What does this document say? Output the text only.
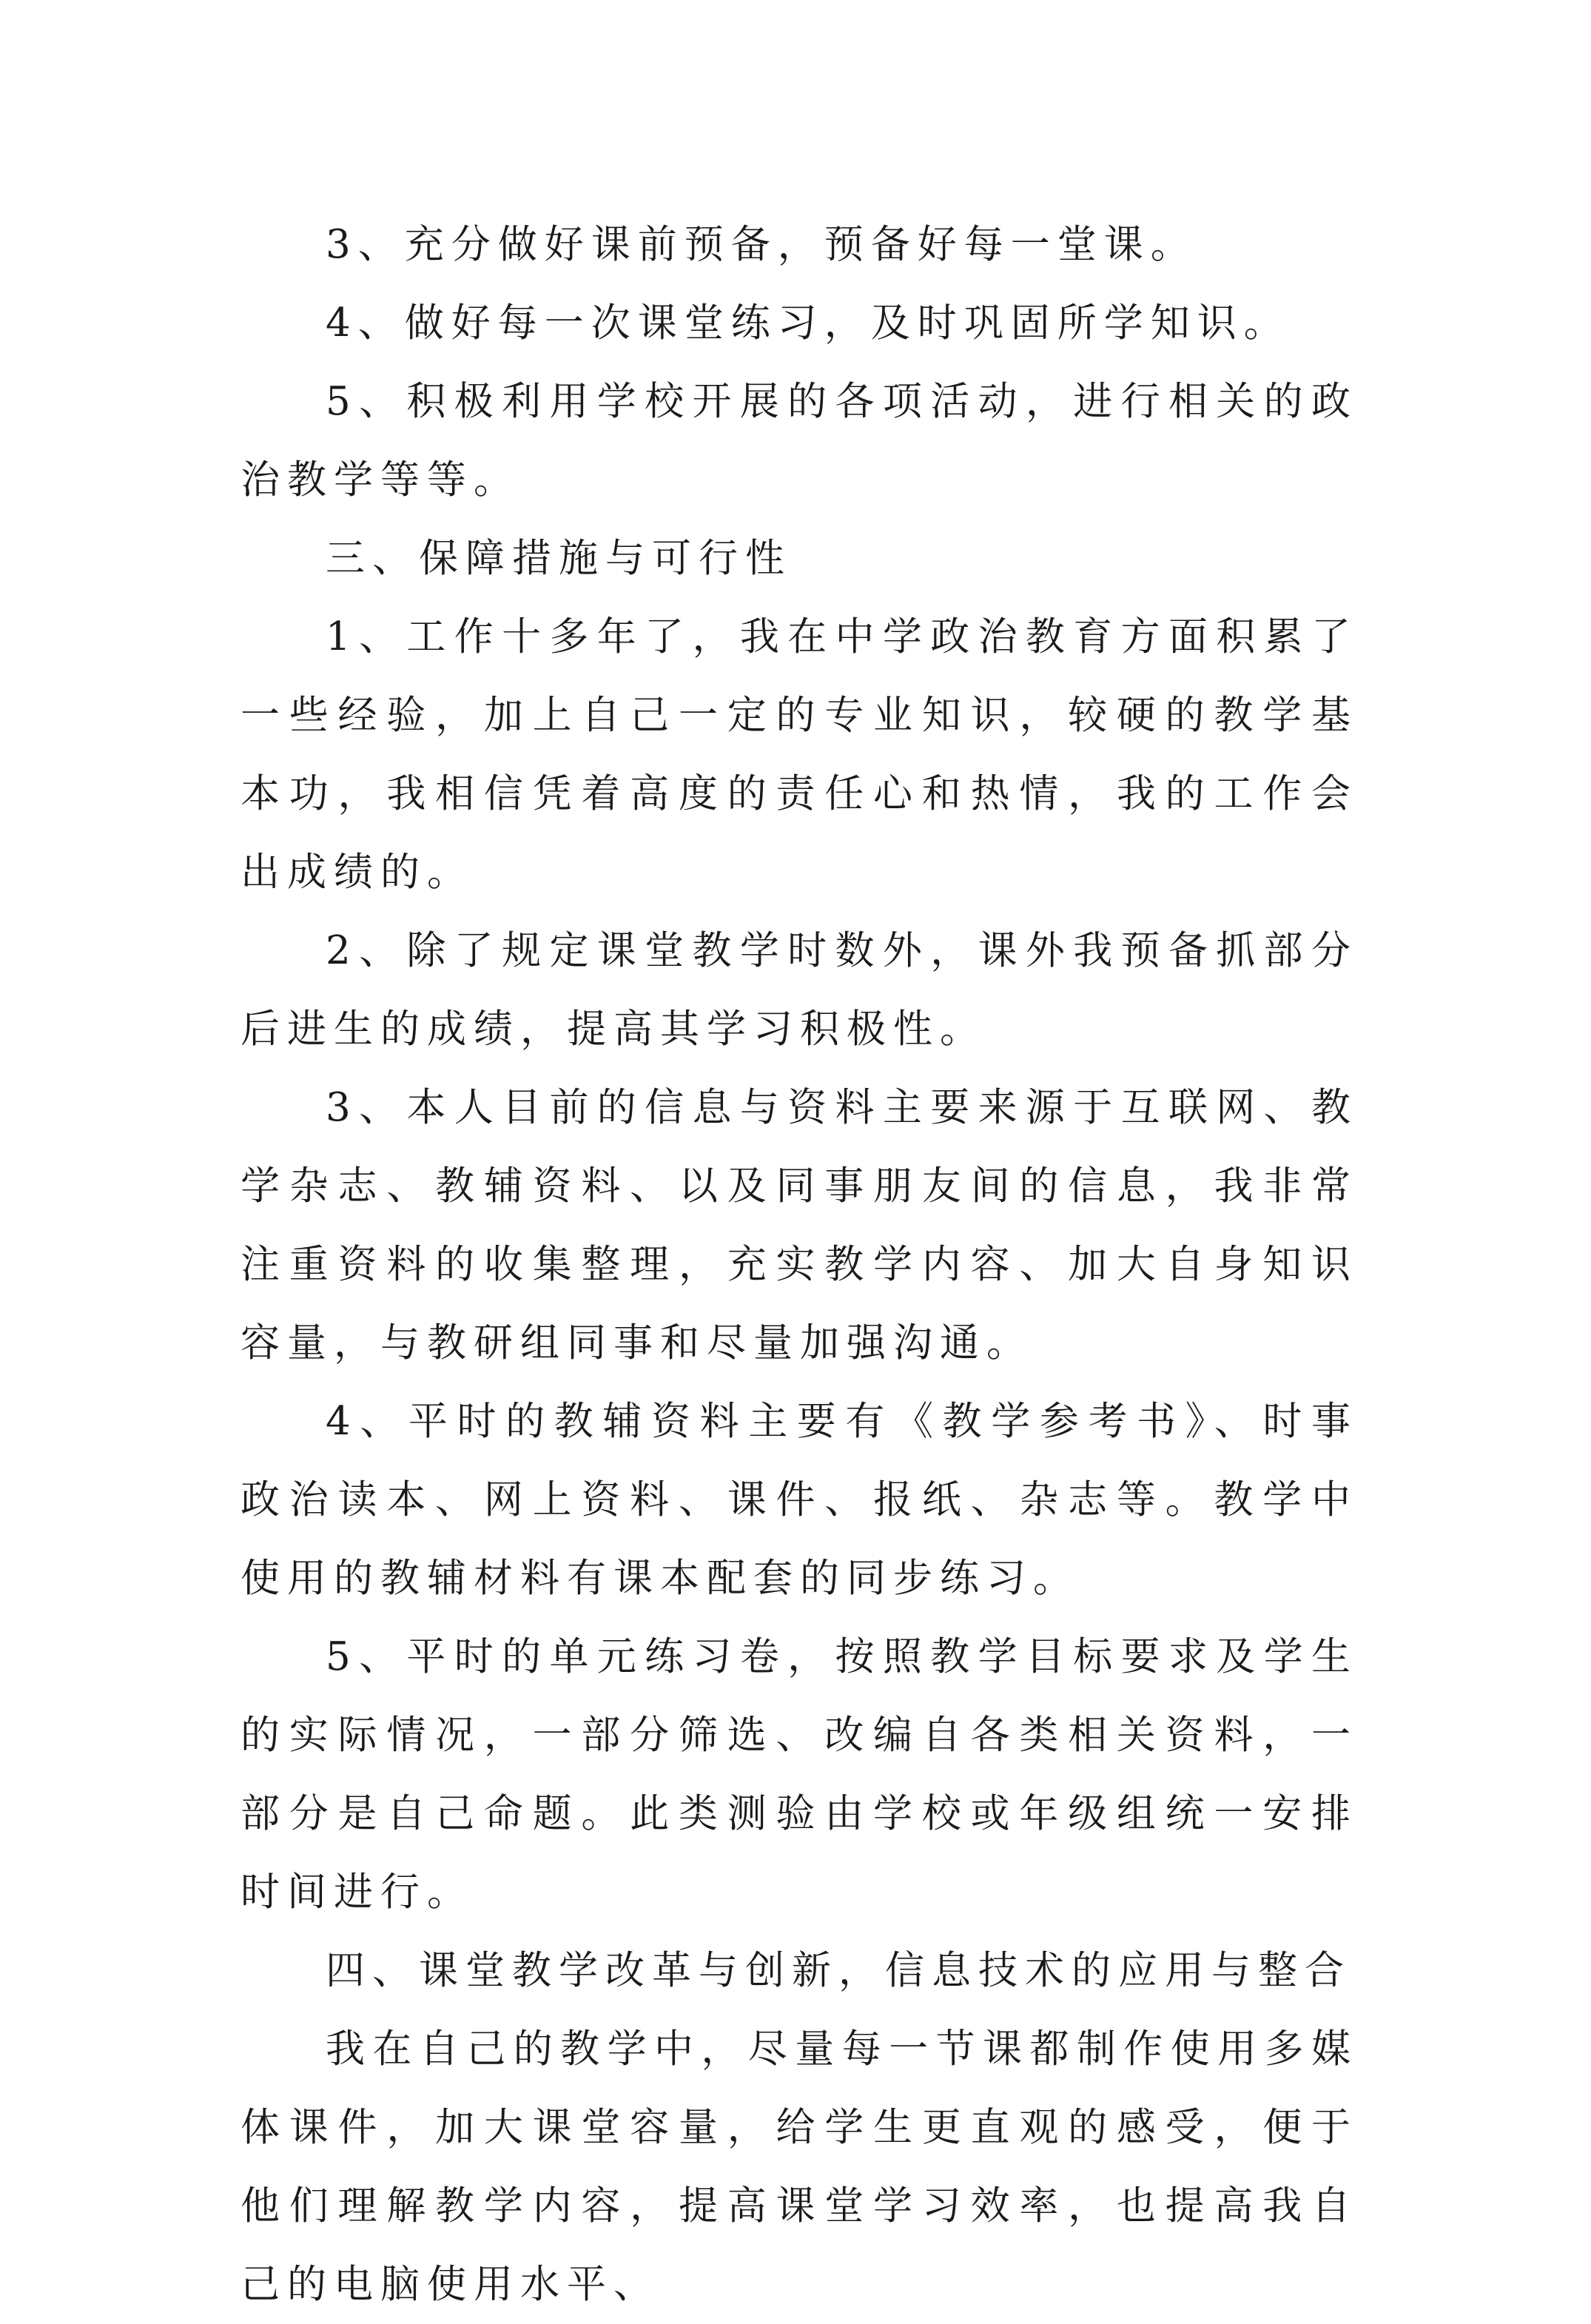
3、充分做好课前预备，预备好每一堂课。

4、做好每一次课堂练习，及时巩固所学知识。

5、积极利用学校开展的各项活动，进行相关的政治教学等等。

三、保障措施与可行性

1、工作十多年了，我在中学政治教育方面积累了一些经验，加上自己一定的专业知识，较硬的教学基本功，我相信凭着高度的责任心和热情，我的工作会出成绩的。

2、除了规定课堂教学时数外，课外我预备抓部分后进生的成绩，提高其学习积极性。

3、本人目前的信息与资料主要来源于互联网、教学杂志、教辅资料、以及同事朋友间的信息，我非常注重资料的收集整理，充实教学内容、加大自身知识容量，与教研组同事和尽量加强沟通。

4、平时的教辅资料主要有《教学参考书》、时事政治读本、网上资料、课件、报纸、杂志等。教学中使用的教辅材料有课本配套的同步练习。

5、平时的单元练习卷，按照教学目标要求及学生的实际情况，一部分筛选、改编自各类相关资料，一部分是自己命题。此类测验由学校或年级组统一安排时间进行。

四、课堂教学改革与创新，信息技术的应用与整合

我在自己的教学中，尽量每一节课都制作使用多媒体课件，加大课堂容量，给学生更直观的感受，便于他们理解教学内容，提高课堂学习效率，也提高我自己的电脑使用水平、
